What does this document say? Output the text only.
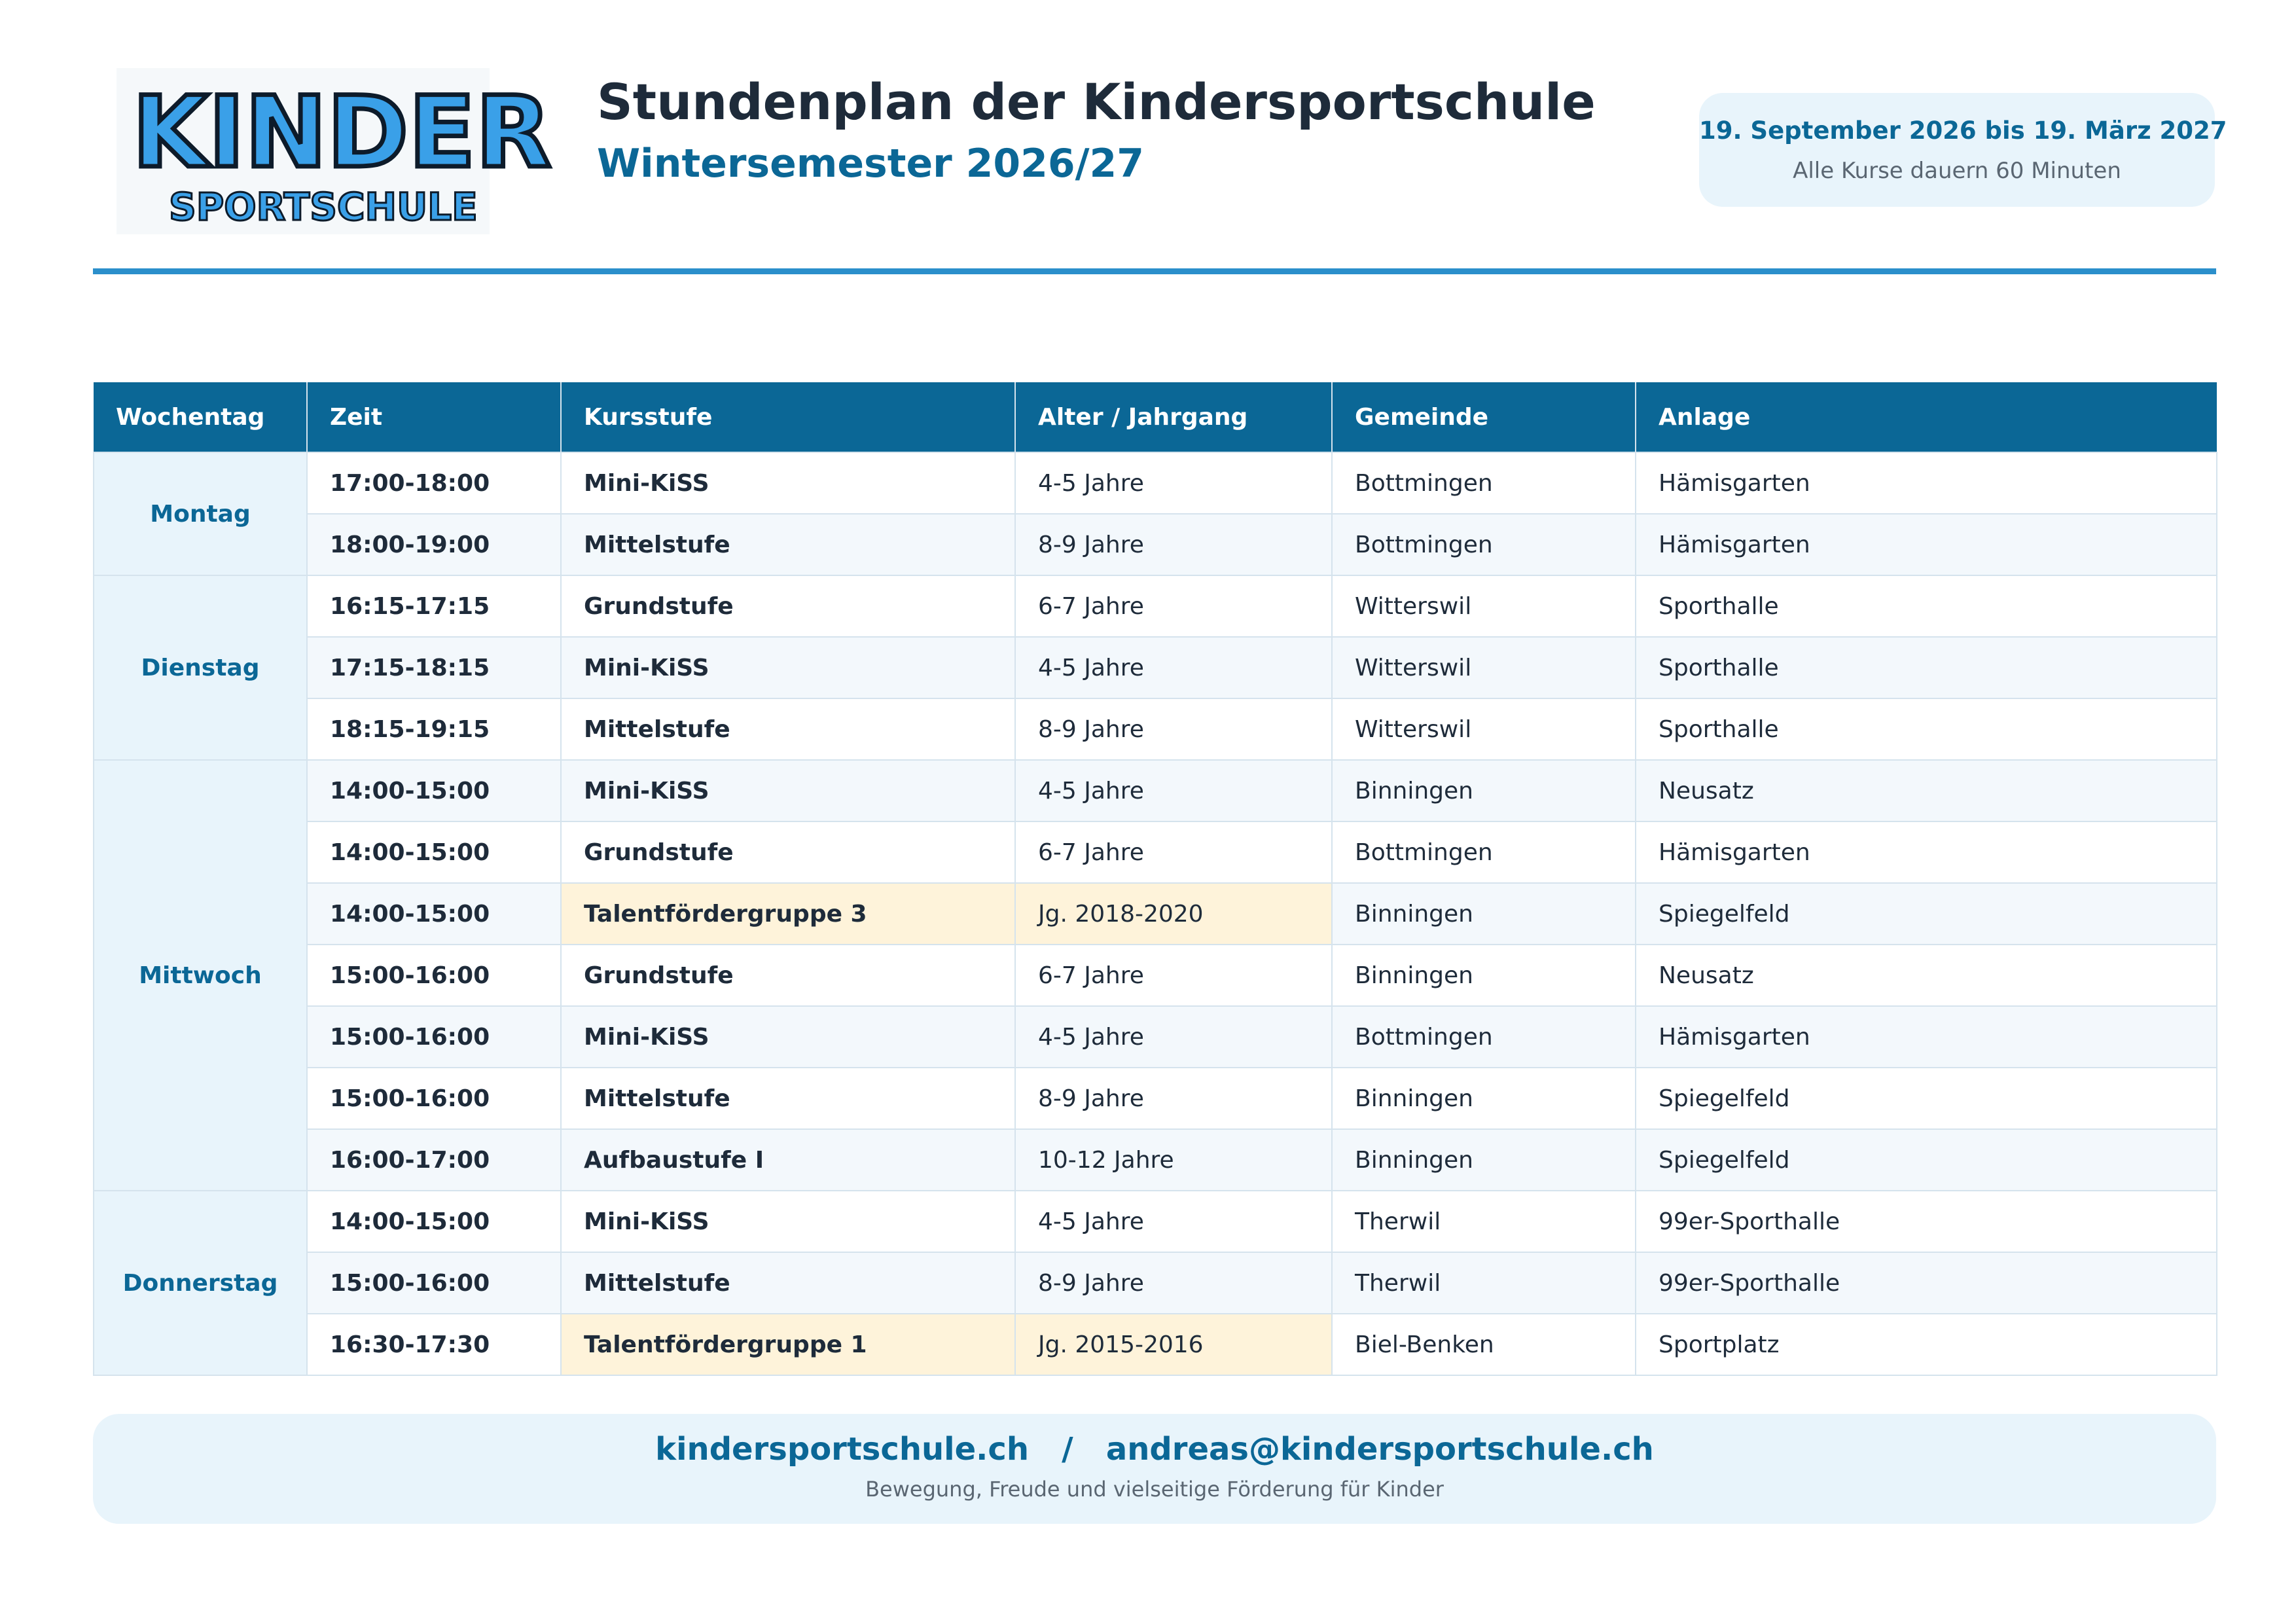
KINDER
SPORTSCHULE
Stundenplan der Kindersportschule
Wintersemester 2026/27
19. September 2026 bis 19. März 2027
Alle Kurse dauern 60 Minuten
Wochentag	Zeit	Kursstufe	Alter / Jahrgang	Gemeinde	Anlage
Montag	17:00-18:00	Mini-KiSS	4-5 Jahre	Bottmingen	Hämisgarten
	18:00-19:00	Mittelstufe	8-9 Jahre	Bottmingen	Hämisgarten
Dienstag	16:15-17:15	Grundstufe	6-7 Jahre	Witterswil	Sporthalle
	17:15-18:15	Mini-KiSS	4-5 Jahre	Witterswil	Sporthalle
	18:15-19:15	Mittelstufe	8-9 Jahre	Witterswil	Sporthalle
Mittwoch	14:00-15:00	Mini-KiSS	4-5 Jahre	Binningen	Neusatz
	14:00-15:00	Grundstufe	6-7 Jahre	Bottmingen	Hämisgarten
	14:00-15:00	Talentfördergruppe 3	Jg. 2018-2020	Binningen	Spiegelfeld
	15:00-16:00	Grundstufe	6-7 Jahre	Binningen	Neusatz
	15:00-16:00	Mini-KiSS	4-5 Jahre	Bottmingen	Hämisgarten
	15:00-16:00	Mittelstufe	8-9 Jahre	Binningen	Spiegelfeld
	16:00-17:00	Aufbaustufe I	10-12 Jahre	Binningen	Spiegelfeld
Donnerstag	14:00-15:00	Mini-KiSS	4-5 Jahre	Therwil	99er-Sporthalle
	15:00-16:00	Mittelstufe	8-9 Jahre	Therwil	99er-Sporthalle
	16:30-17:30	Talentfördergruppe 1	Jg. 2015-2016	Biel-Benken	Sportplatz
kindersportschule.ch / andreas@kindersportschule.ch
Bewegung, Freude und vielseitige Förderung für Kinder
